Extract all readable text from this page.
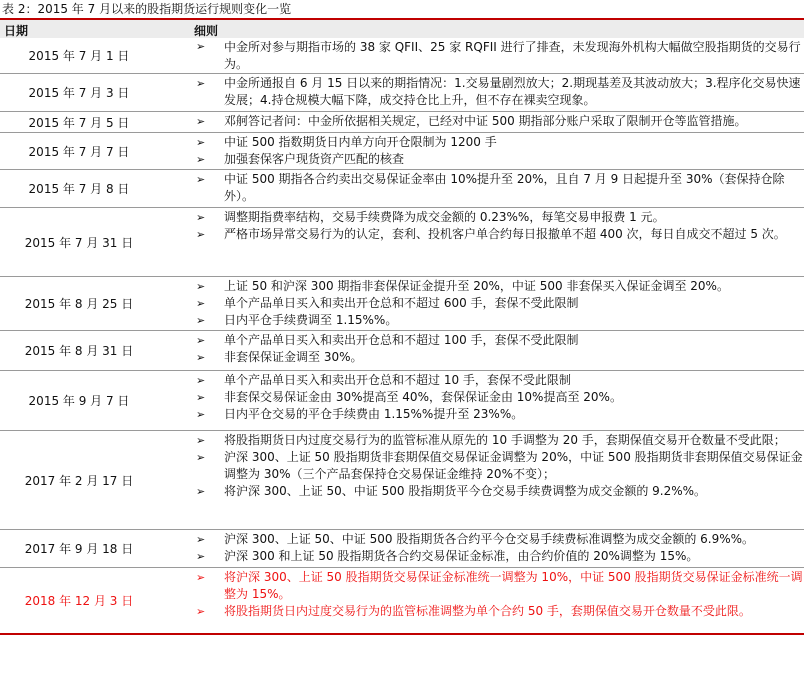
表 2：2015 年 7 月以来的股指期货运行规则变化一览
日期	细则
2015 年 7 月 1 日
➢ 中金所对参与期指市场的 38 家 QFII、25 家 RQFII 进行了排查，未发现海外机构大幅做空股指期货的交易行为。
2015 年 7 月 3 日
➢ 中金所通报自 6 月 15 日以来的期指情况：1.交易量剧烈放大；2.期现基差及其波动放大；3.程序化交易快速发展；4.持仓规模大幅下降，成交持仓比上升，但不存在裸卖空现象。
2015 年 7 月 5 日	➢ 邓舸答记者问：中金所依据相关规定，已经对中证 500 期指部分账户采取了限制开仓等监管措施。
2015 年 7 月 7 日
➢ 中证 500 指数期货日内单方向开仓限制为 1200 手
➢ 加强套保客户现货资产匹配的核查
2015 年 7 月 8 日
➢ 中证 500 期指各合约卖出交易保证金率由 10%提升至 20%，且自 7 月 9 日起提升至 30%（套保持仓除外）。
2015 年 7 月 31 日
➢ 调整期指费率结构，交易手续费降为成交金额的 0.23%%，每笔交易申报费 1 元。
➢ 严格市场异常交易行为的认定，套利、投机客户单合约每日报撤单不超 400 次，每日自成交不超过 5 次。
2015 年 8 月 25 日
➢ 上证 50 和沪深 300 期指非套保保证金提升至 20%，中证 500 非套保买入保证金调至 20%。
➢ 单个产品单日买入和卖出开仓总和不超过 600 手，套保不受此限制
➢ 日内平仓手续费调至 1.15%%。
2015 年 8 月 31 日
➢ 单个产品单日买入和卖出开仓总和不超过 100 手，套保不受此限制
➢ 非套保保证金调至 30%。
2015 年 9 月 7 日
➢ 单个产品单日买入和卖出开仓总和不超过 10 手，套保不受此限制
➢ 非套保交易保证金由 30%提高至 40%，套保保证金由 10%提高至 20%。
➢ 日内平仓交易的平仓手续费由 1.15%%提升至 23%%。
2017 年 2 月 17 日
➢ 将股指期货日内过度交易行为的监管标准从原先的 10 手调整为 20 手，套期保值交易开仓数量不受此限；
➢ 沪深 300、上证 50 股指期货非套期保值交易保证金调整为 20%，中证 500 股指期货非套期保值交易保证金调整为 30%（三个产品套保持仓交易保证金维持 20%不变）；
➢ 将沪深 300、上证 50、中证 500 股指期货平今仓交易手续费调整为成交金额的 9.2%%。
2017 年 9 月 18 日
➢ 沪深 300、上证 50、中证 500 股指期货各合约平今仓交易手续费标准调整为成交金额的 6.9%%。
➢ 沪深 300 和上证 50 股指期货各合约交易保证金标准，由合约价值的 20%调整为 15%。
2018 年 12 月 3 日
➢ 将沪深 300、上证 50 股指期货交易保证金标准统一调整为 10%，中证 500 股指期货交易保证金标准统一调整为 15%。
➢ 将股指期货日内过度交易行为的监管标准调整为单个合约 50 手，套期保值交易开仓数量不受此限。
